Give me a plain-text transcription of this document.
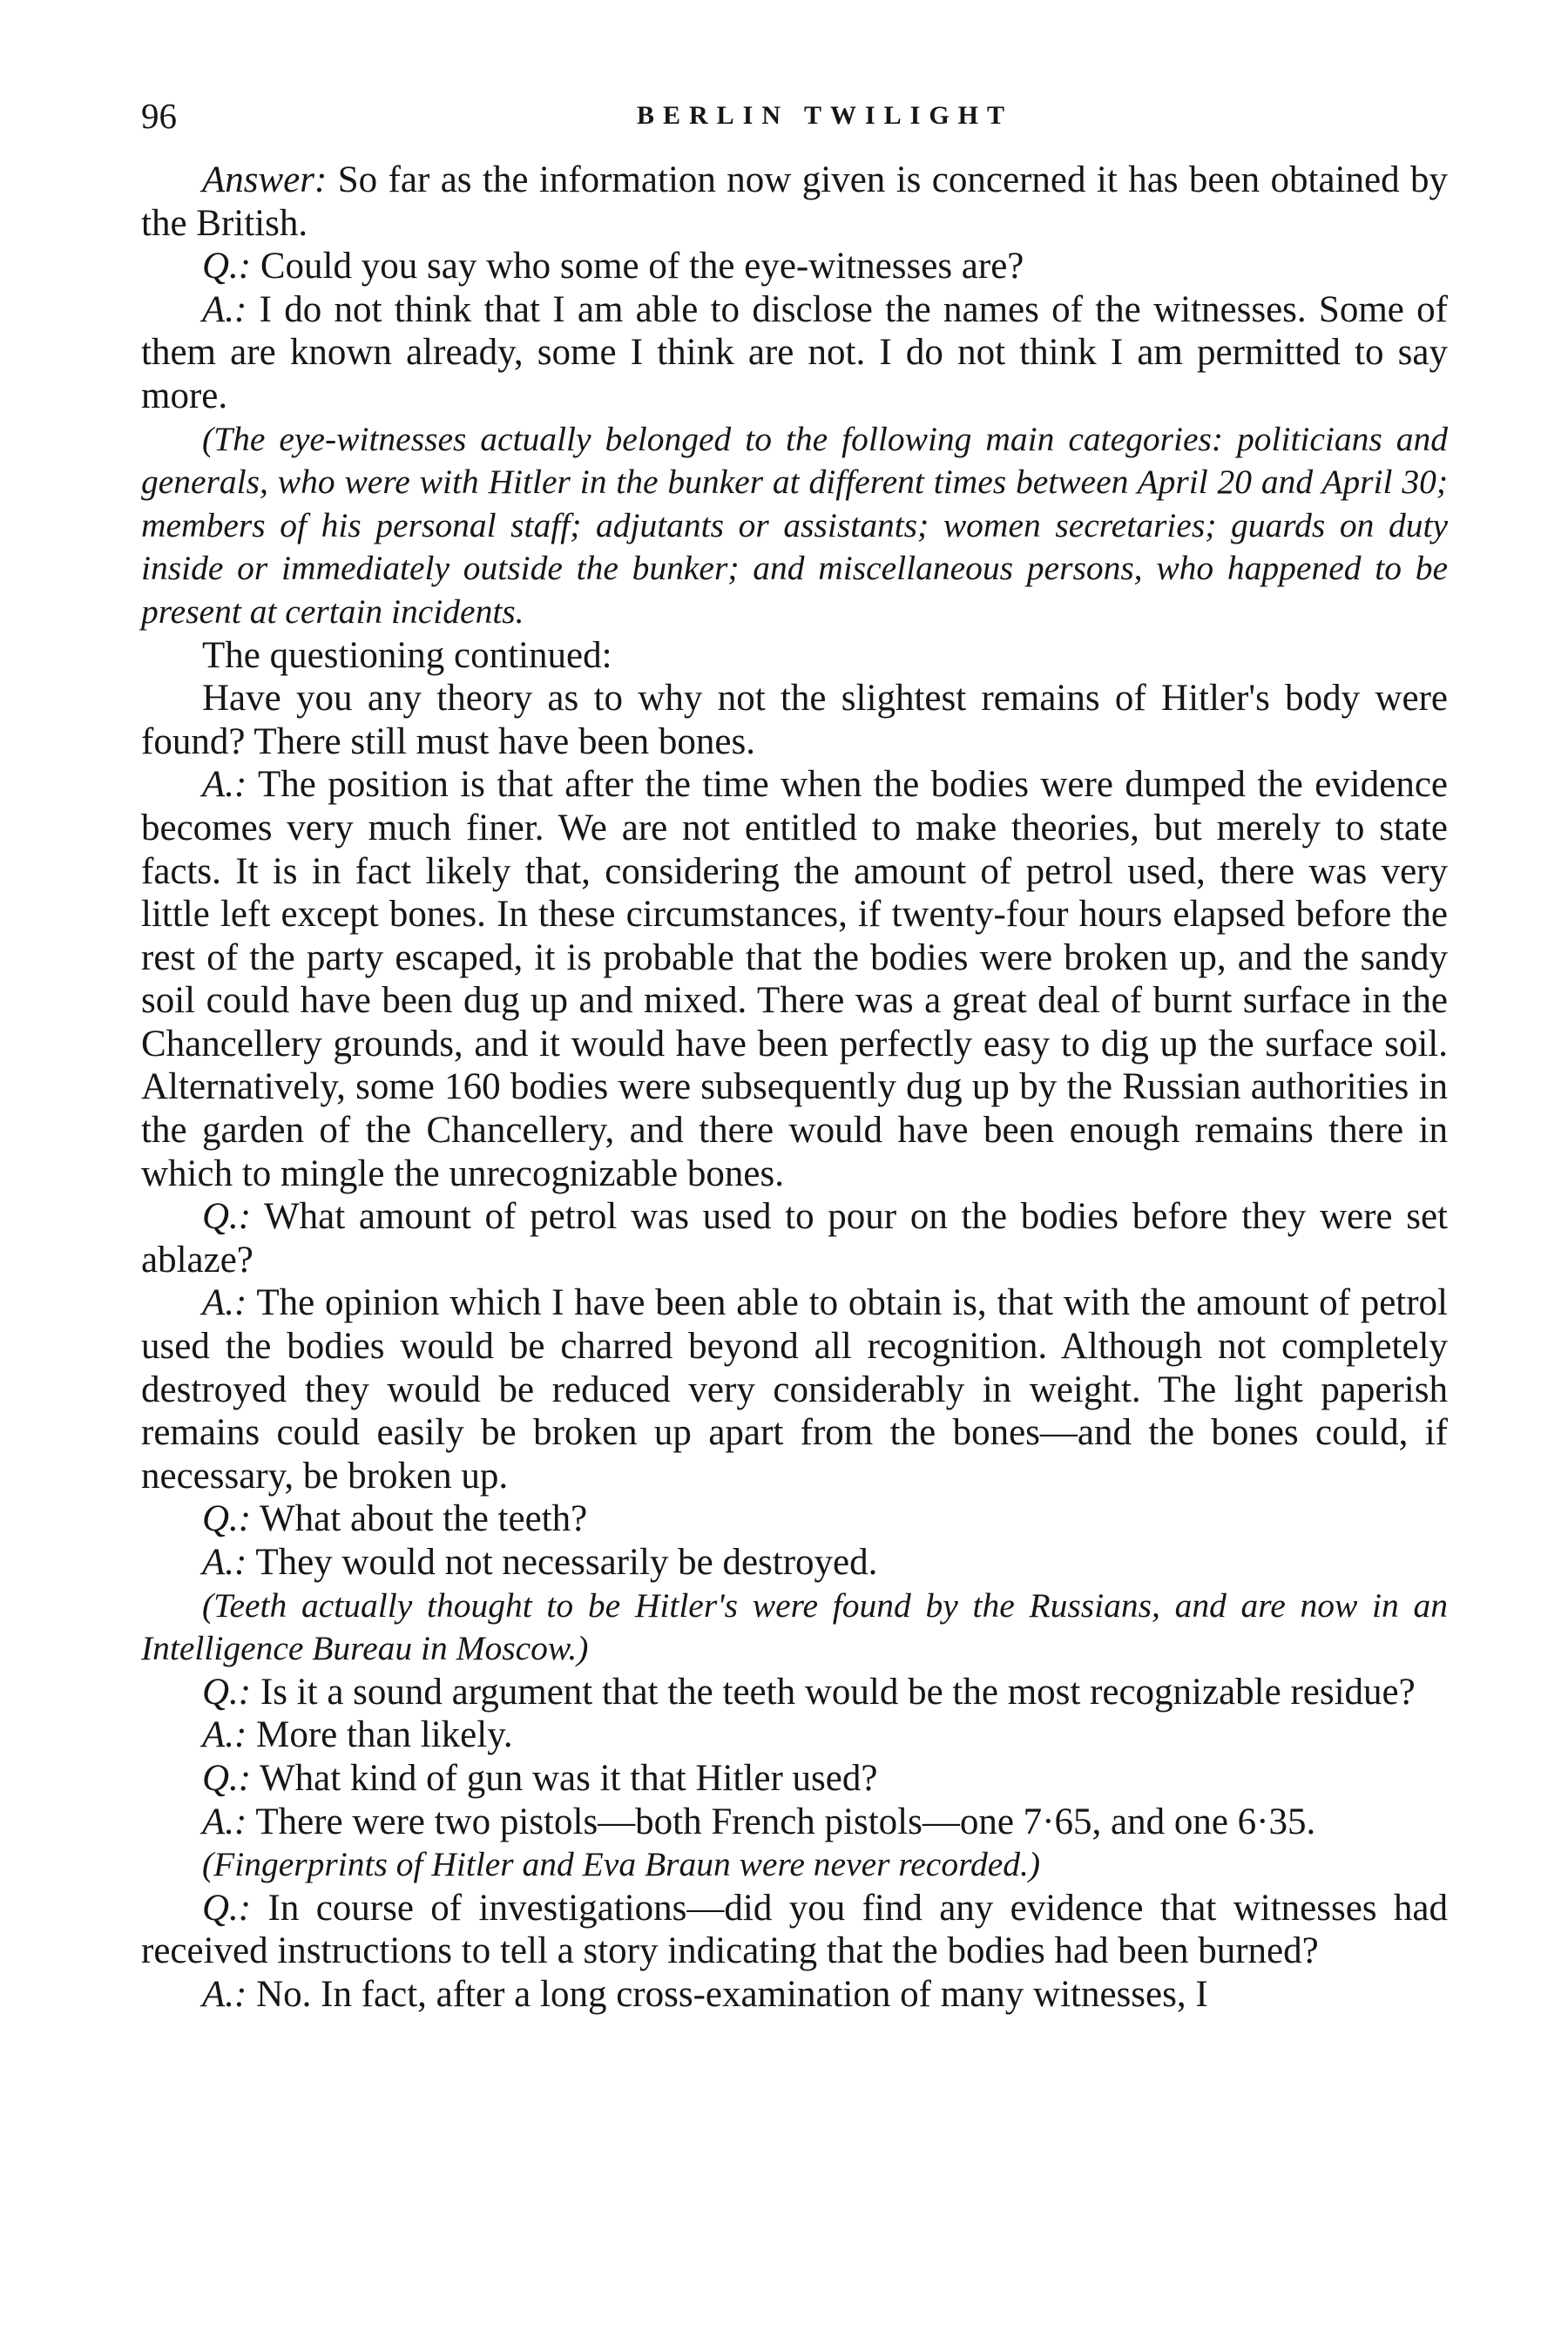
96	BERLIN TWILIGHT

Answer: So far as the information now given is concerned it has been obtained by the British.

Q.: Could you say who some of the eye-witnesses are?

A.: I do not think that I am able to disclose the names of the witnesses. Some of them are known already, some I think are not. I do not think I am permitted to say more.

(The eye-witnesses actually belonged to the following main categories: politicians and generals, who were with Hitler in the bunker at different times between April 20 and April 30; members of his personal staff; adjutants or assistants; women secretaries; guards on duty inside or immediately outside the bunker; and miscellaneous persons, who happened to be present at certain incidents.

The questioning continued:

Have you any theory as to why not the slightest remains of Hitler's body were found? There still must have been bones.

A.: The position is that after the time when the bodies were dumped the evidence becomes very much finer. We are not entitled to make theories, but merely to state facts. It is in fact likely that, considering the amount of petrol used, there was very little left except bones. In these circumstances, if twenty-four hours elapsed before the rest of the party escaped, it is probable that the bodies were broken up, and the sandy soil could have been dug up and mixed. There was a great deal of burnt surface in the Chancellery grounds, and it would have been perfectly easy to dig up the surface soil. Alternatively, some 160 bodies were subsequently dug up by the Russian authorities in the garden of the Chancellery, and there would have been enough remains there in which to mingle the unrecognizable bones.

Q.: What amount of petrol was used to pour on the bodies before they were set ablaze?

A.: The opinion which I have been able to obtain is, that with the amount of petrol used the bodies would be charred beyond all recognition. Although not completely destroyed they would be reduced very considerably in weight. The light paperish remains could easily be broken up apart from the bones—and the bones could, if necessary, be broken up.

Q.: What about the teeth?

A.: They would not necessarily be destroyed.

(Teeth actually thought to be Hitler's were found by the Russians, and are now in an Intelligence Bureau in Moscow.)

Q.: Is it a sound argument that the teeth would be the most recognizable residue?

A.: More than likely.

Q.: What kind of gun was it that Hitler used?

A.: There were two pistols—both French pistols—one 7·65, and one 6·35.

(Fingerprints of Hitler and Eva Braun were never recorded.)

Q.: In course of investigations—did you find any evidence that witnesses had received instructions to tell a story indicating that the bodies had been burned?

A.: No. In fact, after a long cross-examination of many witnesses, I
